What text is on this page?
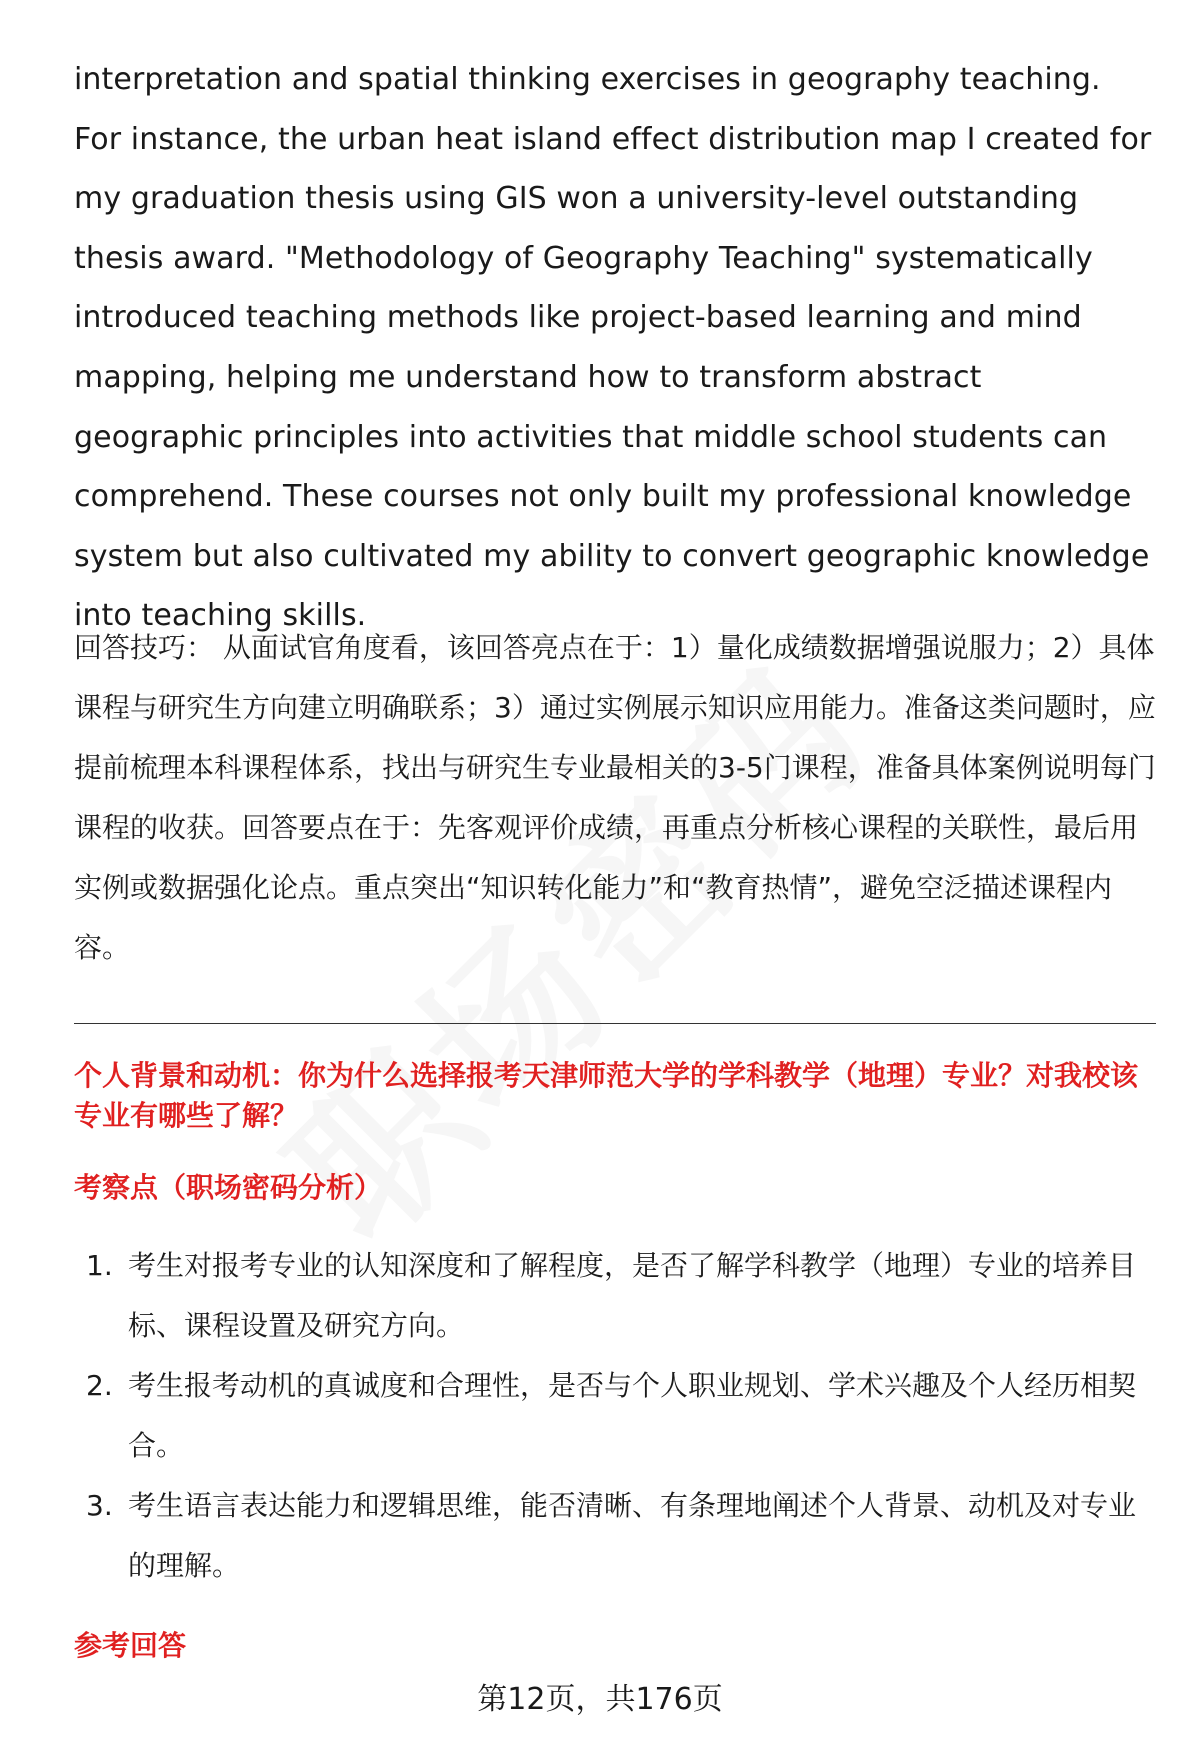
interpretation and spatial thinking exercises in geography teaching. For instance, the urban heat island effect distribution map I created for my graduation thesis using GIS won a university-level outstanding thesis award. "Methodology of Geography Teaching" systematically introduced teaching methods like project-based learning and mind mapping, helping me understand how to transform abstract geographic principles into activities that middle school students can comprehend. These courses not only built my professional knowledge system but also cultivated my ability to convert geographic knowledge into teaching skills.

回答技巧： 从面试官角度看，该回答亮点在于：1）量化成绩数据增强说服力；2）具体课程与研究生方向建立明确联系；3）通过实例展示知识应用能力。准备这类问题时，应提前梳理本科课程体系，找出与研究生专业最相关的3-5门课程，准备具体案例说明每门课程的收获。回答要点在于：先客观评价成绩，再重点分析核心课程的关联性，最后用实例或数据强化论点。重点突出“知识转化能力”和“教育热情”，避免空泛描述课程内容。

个人背景和动机：你为什么选择报考天津师范大学的学科教学（地理）专业？对我校该专业有哪些了解？

考察点（职场密码分析）

1. 考生对报考专业的认知深度和了解程度，是否了解学科教学（地理）专业的培养目标、课程设置及研究方向。
2. 考生报考动机的真诚度和合理性，是否与个人职业规划、学术兴趣及个人经历相契合。
3. 考生语言表达能力和逻辑思维，能否清晰、有条理地阐述个人背景、动机及对专业的理解。

参考回答

第12页，共176页
